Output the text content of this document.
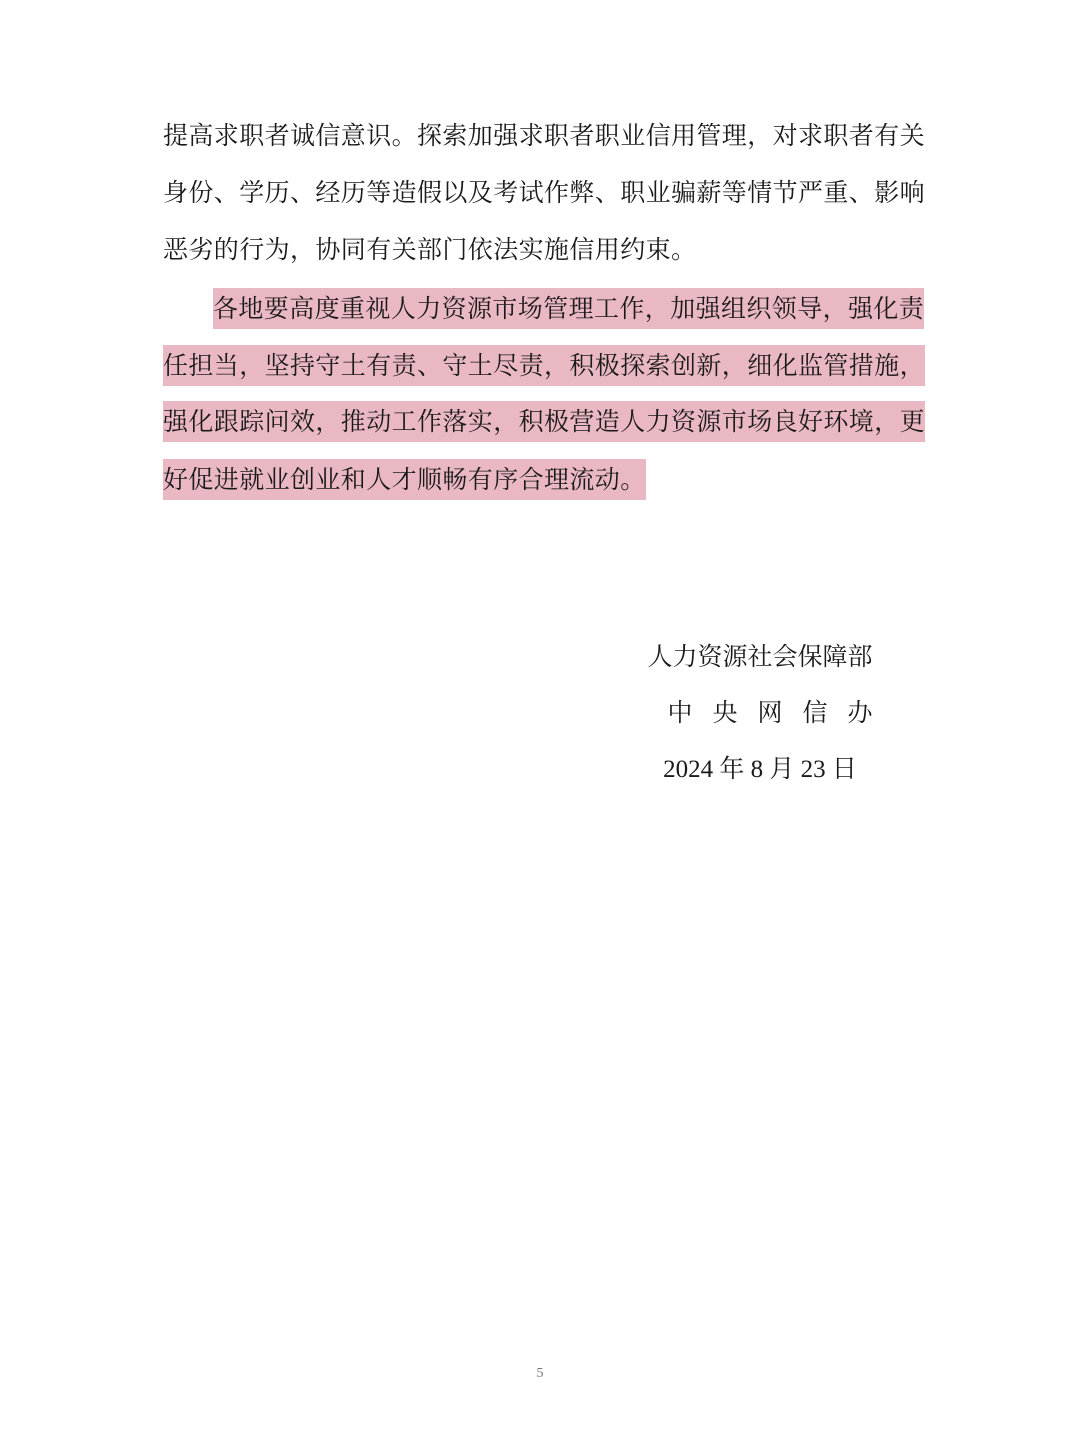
提高求职者诚信意识。探索加强求职者职业信用管理，对求职者有关
身份、学历、经历等造假以及考试作弊、职业骗薪等情节严重、影响
恶劣的行为，协同有关部门依法实施信用约束。
各地要高度重视人力资源市场管理工作，加强组织领导，强化责
任担当，坚持守土有责、守土尽责，积极探索创新，细化监管措施，
强化跟踪问效，推动工作落实，积极营造人力资源市场良好环境，更
好促进就业创业和人才顺畅有序合理流动。
人力资源社会保障部
中央网信办
2024 年 8 月 23 日
5
